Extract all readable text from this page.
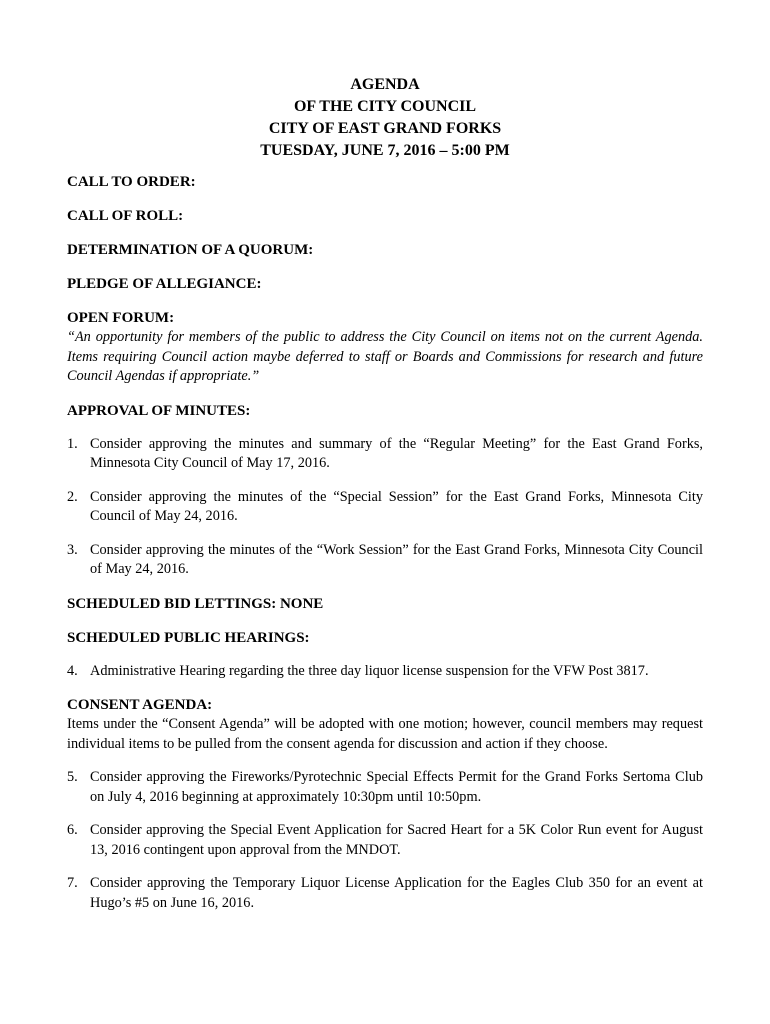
AGENDA
OF THE CITY COUNCIL
CITY OF EAST GRAND FORKS
TUESDAY, JUNE 7, 2016 – 5:00 PM
CALL TO ORDER:
CALL OF ROLL:
DETERMINATION OF A QUORUM:
PLEDGE OF ALLEGIANCE:
OPEN FORUM:
“An opportunity for members of the public to address the City Council on items not on the current Agenda. Items requiring Council action maybe deferred to staff or Boards and Commissions for research and future Council Agendas if appropriate.”
APPROVAL OF MINUTES:
1. Consider approving the minutes and summary of the “Regular Meeting” for the East Grand Forks, Minnesota City Council of May 17, 2016.
2. Consider approving the minutes of the “Special Session” for the East Grand Forks, Minnesota City Council of May 24, 2016.
3. Consider approving the minutes of the “Work Session” for the East Grand Forks, Minnesota City Council of May 24, 2016.
SCHEDULED BID LETTINGS: NONE
SCHEDULED PUBLIC HEARINGS:
4. Administrative Hearing regarding the three day liquor license suspension for the VFW Post 3817.
CONSENT AGENDA:
Items under the “Consent Agenda” will be adopted with one motion; however, council members may request individual items to be pulled from the consent agenda for discussion and action if they choose.
5. Consider approving the Fireworks/Pyrotechnic Special Effects Permit for the Grand Forks Sertoma Club on July 4, 2016 beginning at approximately 10:30pm until 10:50pm.
6. Consider approving the Special Event Application for Sacred Heart for a 5K Color Run event for August 13, 2016 contingent upon approval from the MNDOT.
7. Consider approving the Temporary Liquor License Application for the Eagles Club 350 for an event at Hugo’s #5 on June 16, 2016.
